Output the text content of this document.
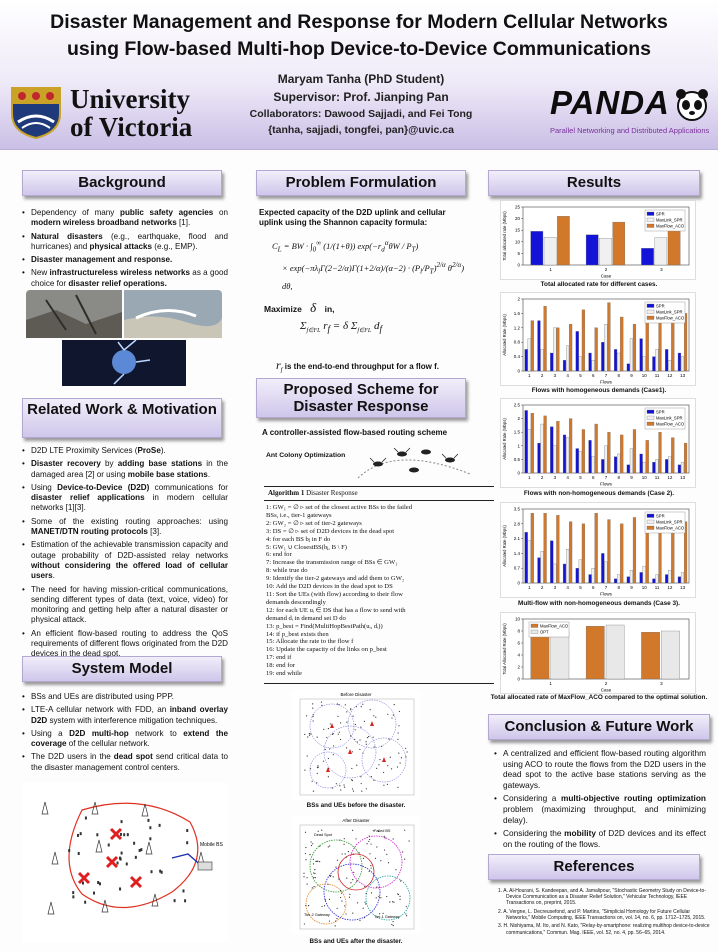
Disaster Management and Response for Modern Cellular Networks
using Flow-based Multi-hop Device-to-Device Communications
Maryam Tanha (PhD Student)
Supervisor: Prof. Jianping Pan
Collaborators: Dawood Sajjadi, and Fei Tong
{tanha, sajjadi, tongfei, pan}@uvic.ca
University
of Victoria
PANDA
Parallel Networking and Distributed Applications
Background
Related Work & Motivation
System Model
Problem Formulation
Proposed Scheme for Disaster Response
Results
Conclusion & Future Work
References
• Dependency of many public safety agencies on modern wireless broadband networks [1].
• Natural disasters (e.g., earthquake, flood and hurricanes) and physical attacks (e.g., EMP).
• Disaster management and response.
• New infrastructureless wireless networks as a good choice for disaster relief operations.
• D2D LTE Proximity Services (ProSe).
• Disaster recovery by adding base stations in the damaged area [2] or using mobile base stations.
• Using Device-to-Device (D2D) communications for disaster relief applications in modern cellular networks [1][3].
• Some of the existing routing approaches: using MANET/DTN routing protocols [3].
• Estimation of the achievable transmission capacity and outage probability of D2D-assisted relay networks without considering the offered load of cellular users.
• The need for having mission-critical communications, sending different types of data (text, voice, video) for monitoring and getting help after a natural disaster or physical attack.
• An efficient flow-based routing to address the QoS requirements of different flows originated from the D2D devices in the dead spot.
• BSs and UEs are distributed using PPP.
• LTE-A cellular network with FDD, an inband overlay D2D system with interference mitigation techniques.
• Using a D2D multi-hop network to extend the coverage of the cellular network.
• The D2D users in the dead spot send critical data to the disaster management control centers.
Mobile BS
Expected capacity of the D2D uplink and cellular uplink using the Shannon capacity formula:
$C_L$ = BW · $\int_0^\infty$ (1/(1+θ)) $\exp(-r_d^\alpha\theta W / P_T)$
× $\exp(-\pi\lambda_l\Gamma(2-2/\alpha)\Gamma(1+2/\alpha)/(\alpha-2) \cdot (P_l/P_T)^{2/\alpha}$ $\theta^{2/\alpha}$) dθ,
Maximize δ in,
$\Sigma_{f\in FL}$ $r_f = \delta$ $\Sigma_{f\in FL}$ $d_f$
$r_f$ is the end-to-end throughput for a flow f.
A controller-assisted flow-based routing scheme
Ant Colony Optimization
Algorithm 1 Disaster Response
1: GW₁ = ∅ ▹ set of the closest active BSs to the failed
BSs, i.e., tier-1 gateways
2: GW₂ = ∅ ▹ set of tier-2 gateways
3: DS = ∅ ▹ set of D2D devices in the dead spot
4: for each BS bⱼ in F do
5: GW₁ ∪ ClosestBS(bⱼ, B \ F)
6: end for
7: Increase the transmission range of BSs ∈ GW₁
8: while true do
9: Identify the tier-2 gateways and add them to GW₂
10: Add the D2D devices in the dead spot to DS
11: Sort the UEs (with flow) according to their flow
demands descendingly
12: for each UE uᵢ ∈ DS that has a flow to send with
demand dᵢ in demand set D do
13: p_best = Find(MultiHopBestPath(uᵢ, dᵢ))
14: if p_best exists then
15: Allocate the rate to the flow f
16: Update the capacity of the links on p_best
17: end if
18: end for
19: end while
Before Disaster
BSs and UEs before the disaster.
After Disaster
Dead Spot
Failed BS
Tier-2 Gateway	Tier-1 Gateway
BSs and UEs after the disaster.
0
5
10
15
20
25
1	2	3
Case
Total allocated rate (Mbps)	SPR
MaxLink_SPR
MaxFlow_ACO
Total allocated rate for different cases.
0
0.4
0.8
1.2
1.6
2
1 2 3 4 5 6 7 8 9 10 11 12 13
Flows
Allocated Rate (Mbps)
SPR
MaxLink_SPR
MaxFlow_ACO
Flows with homogeneous demands (Case1).
0
0.5
1
1.5
2
2.5
1 2 3 4 5 6 7 8 9 10 11 12 13
Flows
Allocated Rate (Mbps)
SPR
MaxLink_SPR
MaxFlow_ACO
Flows with non-homogeneous demands (Case 2).
0
0.7
1.4
2.1
2.8
3.5
1 2 3 4 5 6 7 8 9 10 11 12 13
Flows
Allocated Rate (Mbps)
SPR
MaxLink_SPR
MaxFlow_ACO
Multi-flow with non-homogeneous demands (Case 3).
0
2
4
6
8
10
1	2	3
Case
Total Allocated Rate (Mbps)	MaxFlow_ACO
OPT
Total allocated rate of MaxFlow_ACO compared to the optimal solution.
• A centralized and efficient flow-based routing algorithm using ACO to route the flows from the D2D users in the dead spot to the active base stations serving as the gateways.
• Considering a multi-objective routing optimization problem (maximizing throughput, and minimizing delay).
• Considering the mobility of D2D devices and its effect on the routing of the flows.
1. A. Al-Hourani, S. Kandeepan, and A. Jamalipour, "Stochastic Geometry Study on Device-to-Device Communication as a Disaster Relief Solution," Vehicular Technology, IEEE Transactions on, preprint, 2015.
2. A. Vergne, L. Decreusefond, and P. Martins, "Simplicial Homology for Future Cellular Networks," Mobile Computing, IEEE Transactions on, vol. 14, no. 6, pp. 1712–1725, 2015.
3. H. Nishiyama, M. Ito, and N. Kato, "Relay-by-smartphone: realizing multihop device-to-device communications," Commun. Mag. IEEE, vol. 52, no. 4, pp. 56–65, 2014.
